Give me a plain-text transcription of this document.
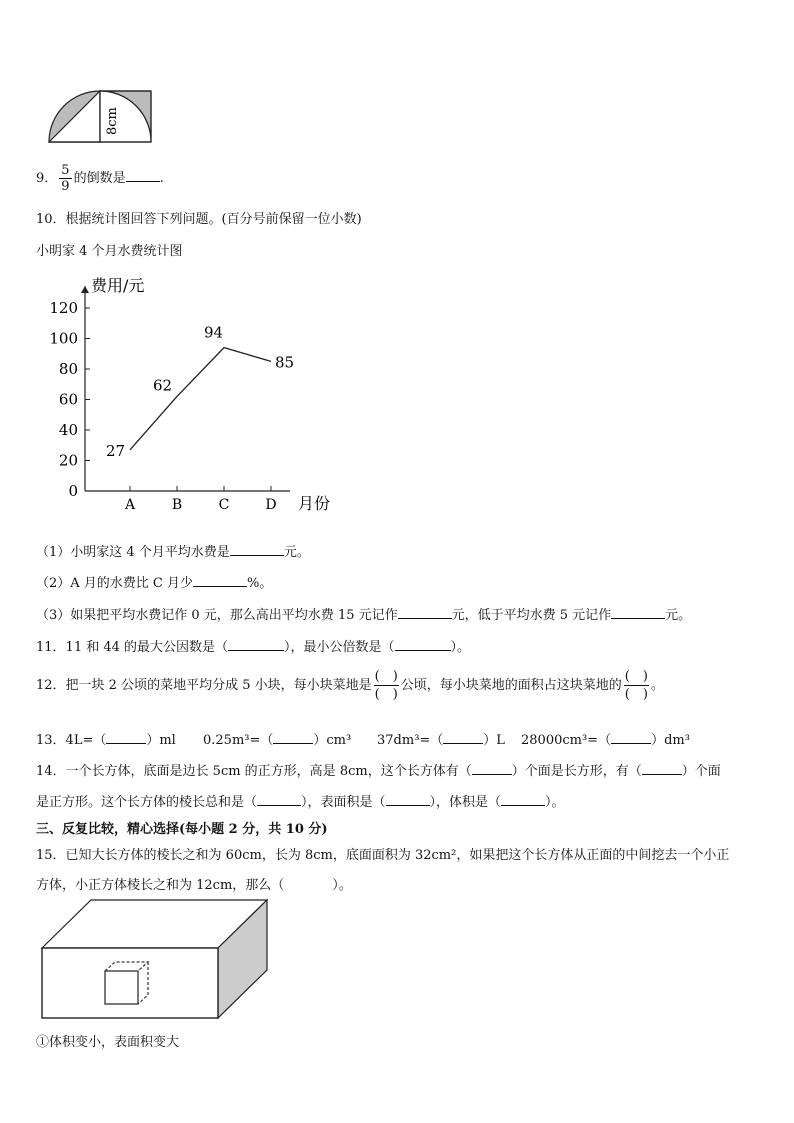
8cm
9． $\frac{5}{9}$ 的倒数是	.
10．根据统计图回答下列问题。(百分号前保留一位小数)
小明家 4 个月水费统计图
费用/元
月份
0
20
40
60
80
100
120
A	B	C	D
27
62
94
85
（1）小明家这 4 个月平均水费是	元。
（2）A 月的水费比 C 月少	%。
（3）如果把平均水费记作 0 元，那么高出平均水费 15 元记作	元，低于平均水费 5 元记作	元。
11．11 和 44 的最大公因数是（	），最小公倍数是（	）。
12．把一块 2 公顷的菜地平均分成 5 小块，每小块菜地是 $\frac{( )}{( )}$ 公顷，每小块菜地的面积占这块菜地的 $\frac{( )}{( )}$ 。
13．4L=（	）ml 0.25m³=（	）cm³ 37dm³=（	）L 28000cm³=（	）dm³
14．一个长方体，底面是边长 5cm 的正方形，高是 8cm，这个长方体有（	）个面是长方形，有（	）个面
是正方形。这个长方体的棱长总和是（	），表面积是（	），体积是（	）。
三、反复比较，精心选择(每小题 2 分，共 10 分)
15．已知大长方体的棱长之和为 60cm，长为 8cm，底面面积为 32cm²，如果把这个长方体从正面的中间挖去一个小正
方体，小正方体棱长之和为 12cm，那么（	）。
①体积变小，表面积变大
